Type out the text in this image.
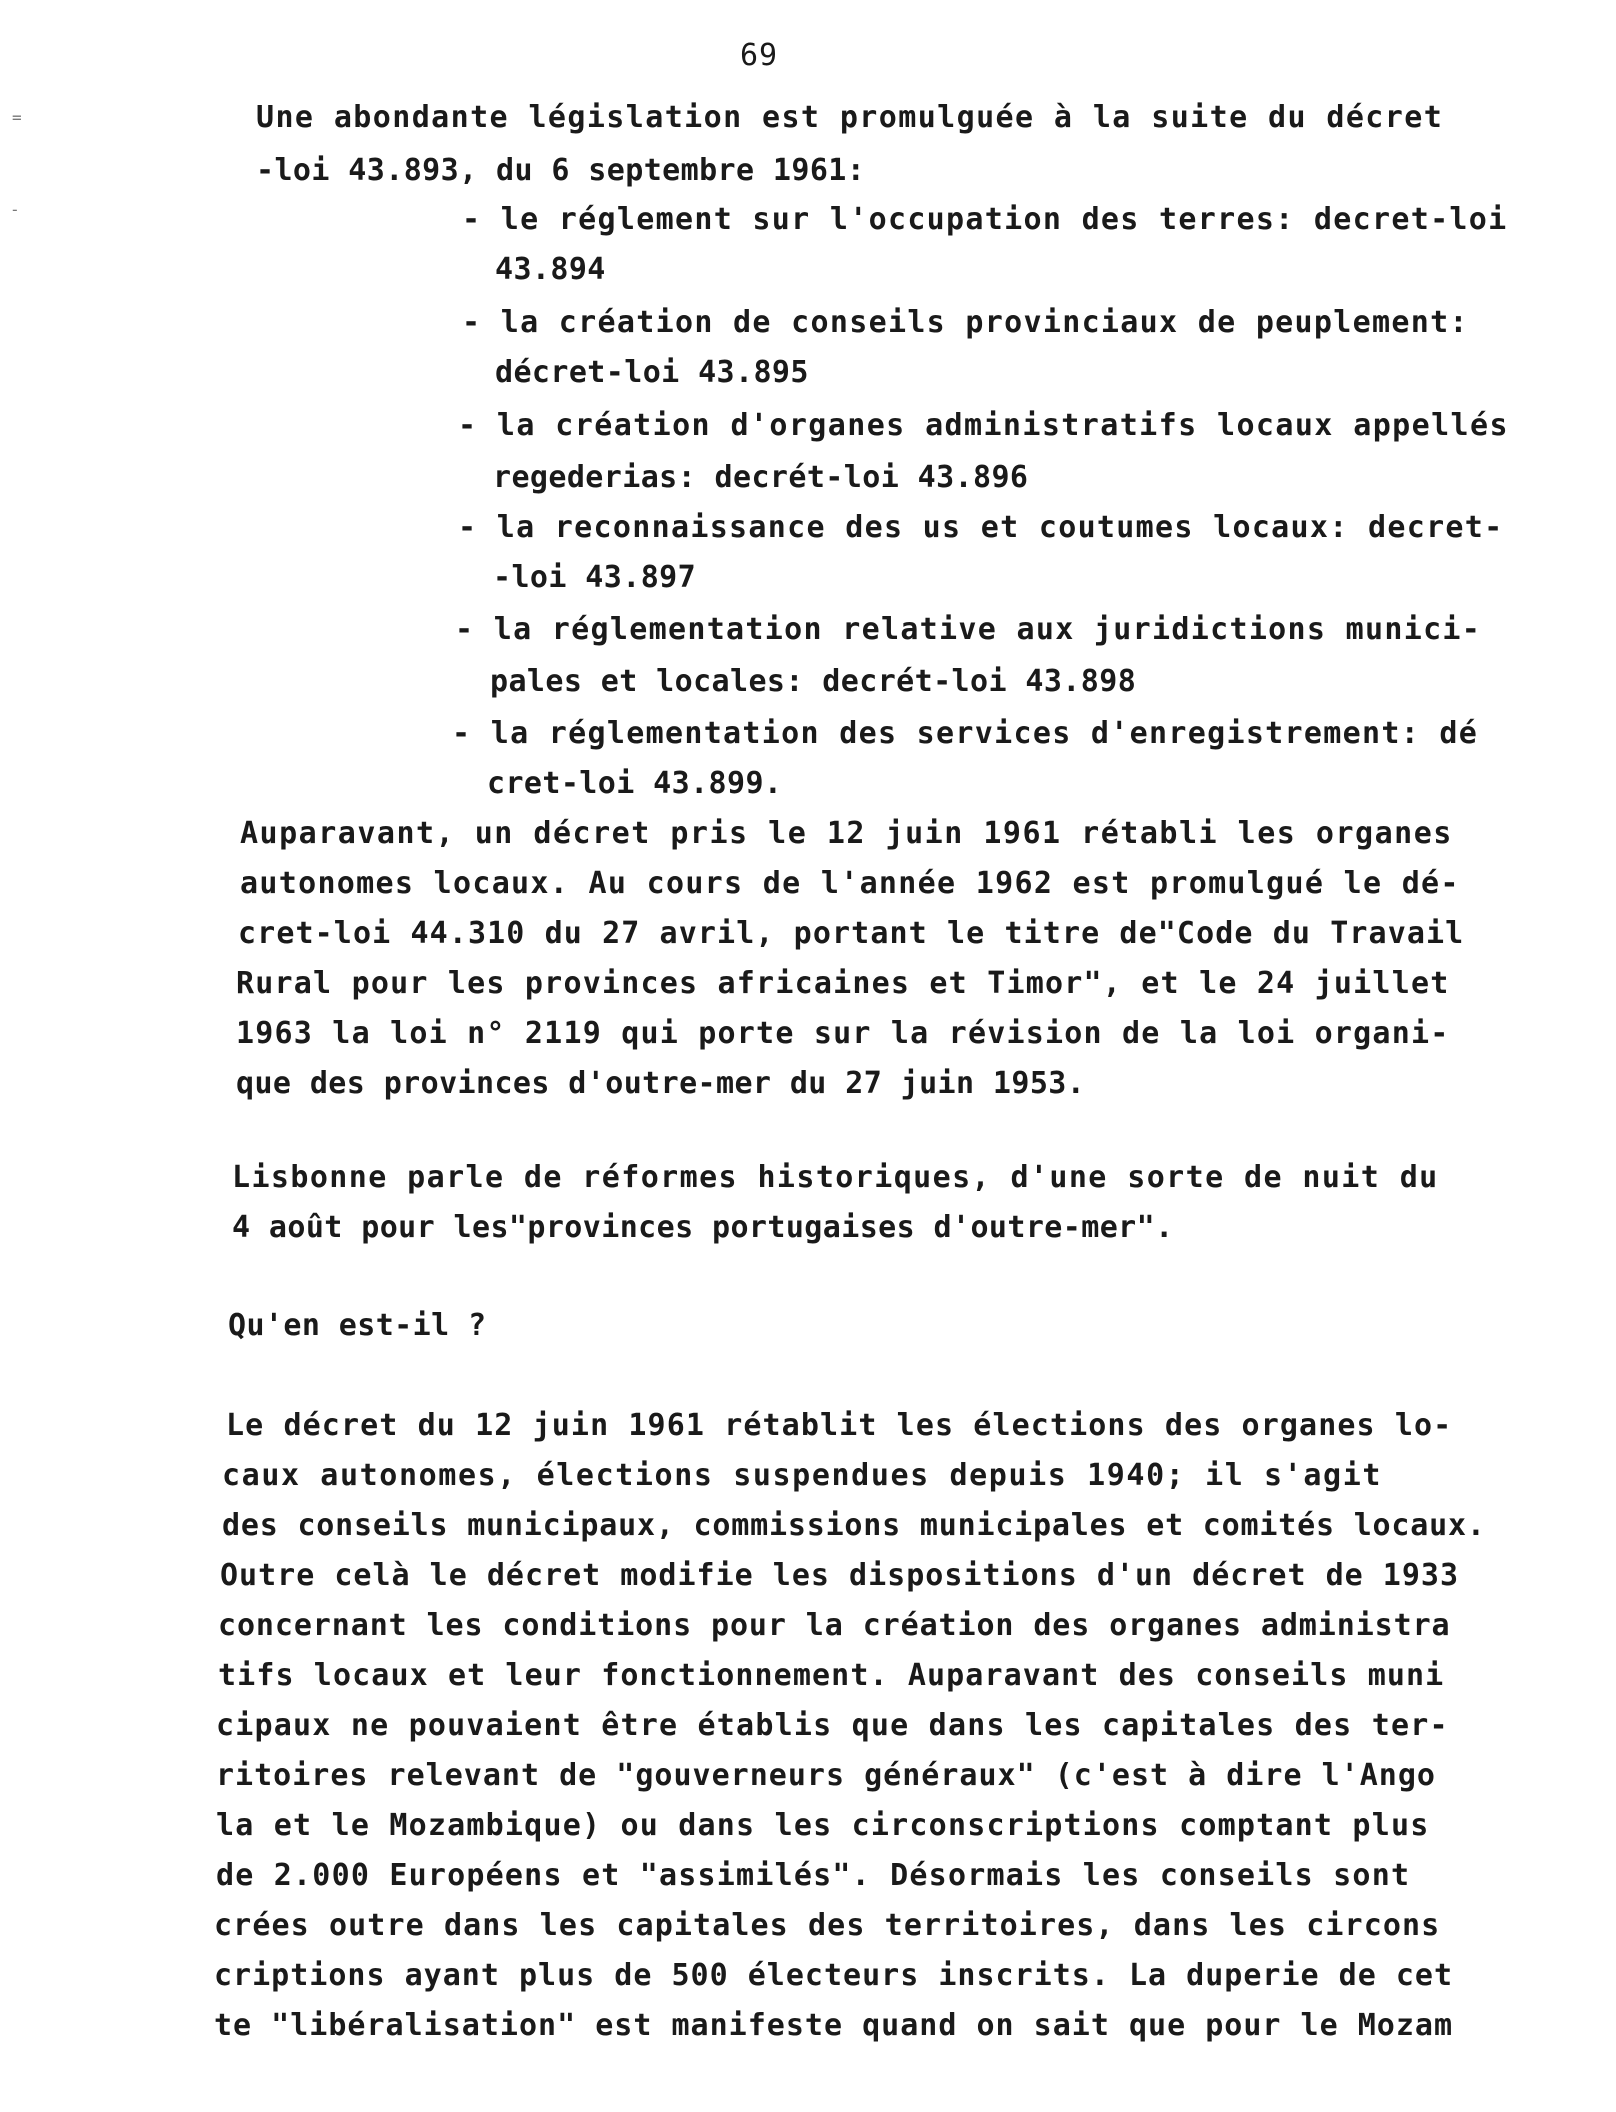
=
-
69
Une abondante législation est promulguée à la suite du décret
-loi 43.893, du 6 septembre 1961:
- le réglement sur l'occupation des terres: decret-loi
43.894
- la création de conseils provinciaux de peuplement:
décret-loi 43.895
- la création d'organes administratifs locaux appellés
regederias: decrét-loi 43.896
- la reconnaissance des us et coutumes locaux: decret-
-loi 43.897
- la réglementation relative aux juridictions munici-
pales et locales: decrét-loi 43.898
- la réglementation des services d'enregistrement: dé
cret-loi 43.899.
Auparavant, un décret pris le 12 juin 1961 rétabli les organes
autonomes locaux. Au cours de l'année 1962 est promulgué le dé-
cret-loi 44.310 du 27 avril, portant le titre de"Code du Travail
Rural pour les provinces africaines et Timor", et le 24 juillet
1963 la loi n° 2119 qui porte sur la révision de la loi organi-
que des provinces d'outre-mer du 27 juin 1953.
Lisbonne parle de réformes historiques, d'une sorte de nuit du
4 août pour les"provinces portugaises d'outre-mer".
Qu'en est-il ?
Le décret du 12 juin 1961 rétablit les élections des organes lo-
caux autonomes, élections suspendues depuis 1940; il s'agit
des conseils municipaux, commissions municipales et comités locaux.
Outre celà le décret modifie les dispositions d'un décret de 1933
concernant les conditions pour la création des organes administra
tifs locaux et leur fonctionnement. Auparavant des conseils muni
cipaux ne pouvaient être établis que dans les capitales des ter-
ritoires relevant de "gouverneurs généraux" (c'est à dire l'Ango
la et le Mozambique) ou dans les circonscriptions comptant plus
de 2.000 Européens et "assimilés". Désormais les conseils sont
crées outre dans les capitales des territoires, dans les circons
criptions ayant plus de 500 électeurs inscrits. La duperie de cet
te "libéralisation" est manifeste quand on sait que pour le Mozam
